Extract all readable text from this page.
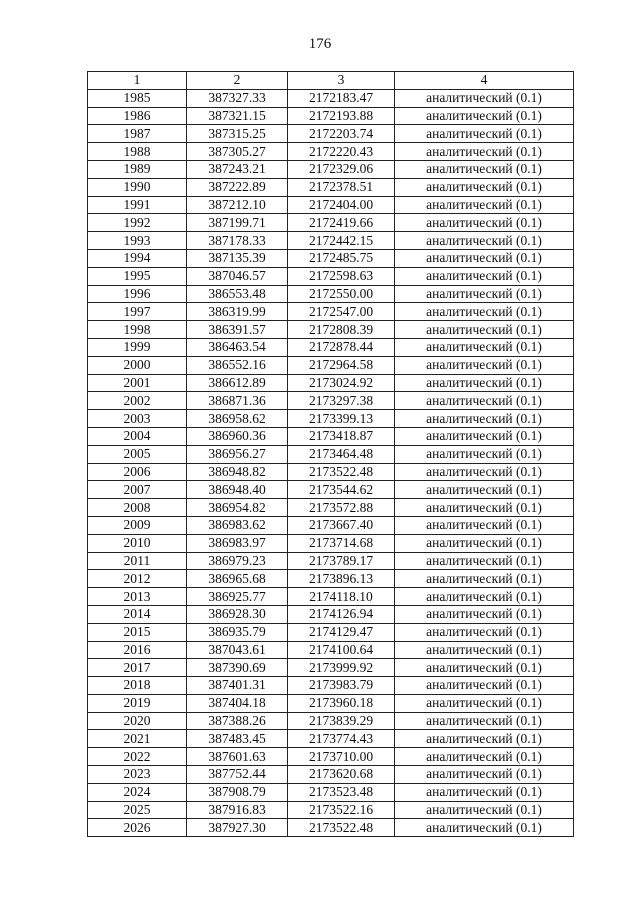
176
1	2	3	4
1985	387327.33	2172183.47	аналитический (0.1)
1986	387321.15	2172193.88	аналитический (0.1)
1987	387315.25	2172203.74	аналитический (0.1)
1988	387305.27	2172220.43	аналитический (0.1)
1989	387243.21	2172329.06	аналитический (0.1)
1990	387222.89	2172378.51	аналитический (0.1)
1991	387212.10	2172404.00	аналитический (0.1)
1992	387199.71	2172419.66	аналитический (0.1)
1993	387178.33	2172442.15	аналитический (0.1)
1994	387135.39	2172485.75	аналитический (0.1)
1995	387046.57	2172598.63	аналитический (0.1)
1996	386553.48	2172550.00	аналитический (0.1)
1997	386319.99	2172547.00	аналитический (0.1)
1998	386391.57	2172808.39	аналитический (0.1)
1999	386463.54	2172878.44	аналитический (0.1)
2000	386552.16	2172964.58	аналитический (0.1)
2001	386612.89	2173024.92	аналитический (0.1)
2002	386871.36	2173297.38	аналитический (0.1)
2003	386958.62	2173399.13	аналитический (0.1)
2004	386960.36	2173418.87	аналитический (0.1)
2005	386956.27	2173464.48	аналитический (0.1)
2006	386948.82	2173522.48	аналитический (0.1)
2007	386948.40	2173544.62	аналитический (0.1)
2008	386954.82	2173572.88	аналитический (0.1)
2009	386983.62	2173667.40	аналитический (0.1)
2010	386983.97	2173714.68	аналитический (0.1)
2011	386979.23	2173789.17	аналитический (0.1)
2012	386965.68	2173896.13	аналитический (0.1)
2013	386925.77	2174118.10	аналитический (0.1)
2014	386928.30	2174126.94	аналитический (0.1)
2015	386935.79	2174129.47	аналитический (0.1)
2016	387043.61	2174100.64	аналитический (0.1)
2017	387390.69	2173999.92	аналитический (0.1)
2018	387401.31	2173983.79	аналитический (0.1)
2019	387404.18	2173960.18	аналитический (0.1)
2020	387388.26	2173839.29	аналитический (0.1)
2021	387483.45	2173774.43	аналитический (0.1)
2022	387601.63	2173710.00	аналитический (0.1)
2023	387752.44	2173620.68	аналитический (0.1)
2024	387908.79	2173523.48	аналитический (0.1)
2025	387916.83	2173522.16	аналитический (0.1)
2026	387927.30	2173522.48	аналитический (0.1)
